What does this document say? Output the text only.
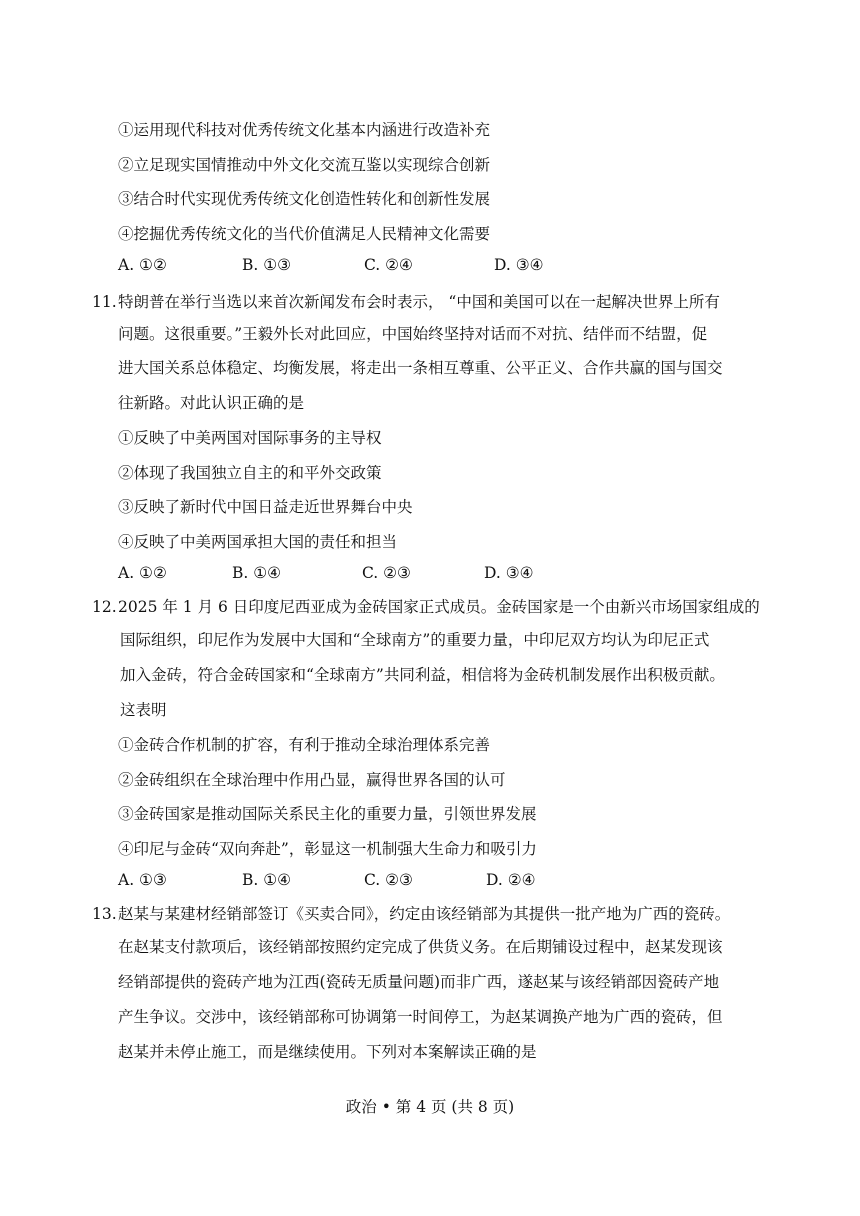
①运用现代科技对优秀传统文化基本内涵进行改造补充
②立足现实国情推动中外文化交流互鉴以实现综合创新
③结合时代实现优秀传统文化创造性转化和创新性发展
④挖掘优秀传统文化的当代价值满足人民精神文化需要
A. ①②	B. ①③	C. ②④	D. ③④
11. 特朗普在举行当选以来首次新闻发布会时表示， “中国和美国可以在一起解决世界上所有
问题。这很重要。”王毅外长对此回应，中国始终坚持对话而不对抗、结伴而不结盟，促
进大国关系总体稳定、均衡发展，将走出一条相互尊重、公平正义、合作共赢的国与国交
往新路。对此认识正确的是
①反映了中美两国对国际事务的主导权
②体现了我国独立自主的和平外交政策
③反映了新时代中国日益走近世界舞台中央
④反映了中美两国承担大国的责任和担当
A. ①②	B. ①④	C. ②③	D. ③④
12. 2025 年 1 月 6 日印度尼西亚成为金砖国家正式成员。金砖国家是一个由新兴市场国家组成的
国际组织，印尼作为发展中大国和“全球南方”的重要力量，中印尼双方均认为印尼正式
加入金砖，符合金砖国家和“全球南方”共同利益，相信将为金砖机制发展作出积极贡献。
这表明
①金砖合作机制的扩容，有利于推动全球治理体系完善
②金砖组织在全球治理中作用凸显，赢得世界各国的认可
③金砖国家是推动国际关系民主化的重要力量，引领世界发展
④印尼与金砖“双向奔赴”，彰显这一机制强大生命力和吸引力
A. ①③	B. ①④	C. ②③	D. ②④
13. 赵某与某建材经销部签订《买卖合同》，约定由该经销部为其提供一批产地为广西的瓷砖。
在赵某支付款项后，该经销部按照约定完成了供货义务。在后期铺设过程中，赵某发现该
经销部提供的瓷砖产地为江西(瓷砖无质量问题)而非广西，遂赵某与该经销部因瓷砖产地
产生争议。交涉中，该经销部称可协调第一时间停工，为赵某调换产地为广西的瓷砖，但
赵某并未停止施工，而是继续使用。下列对本案解读正确的是
政治 • 第 4 页 (共 8 页)
